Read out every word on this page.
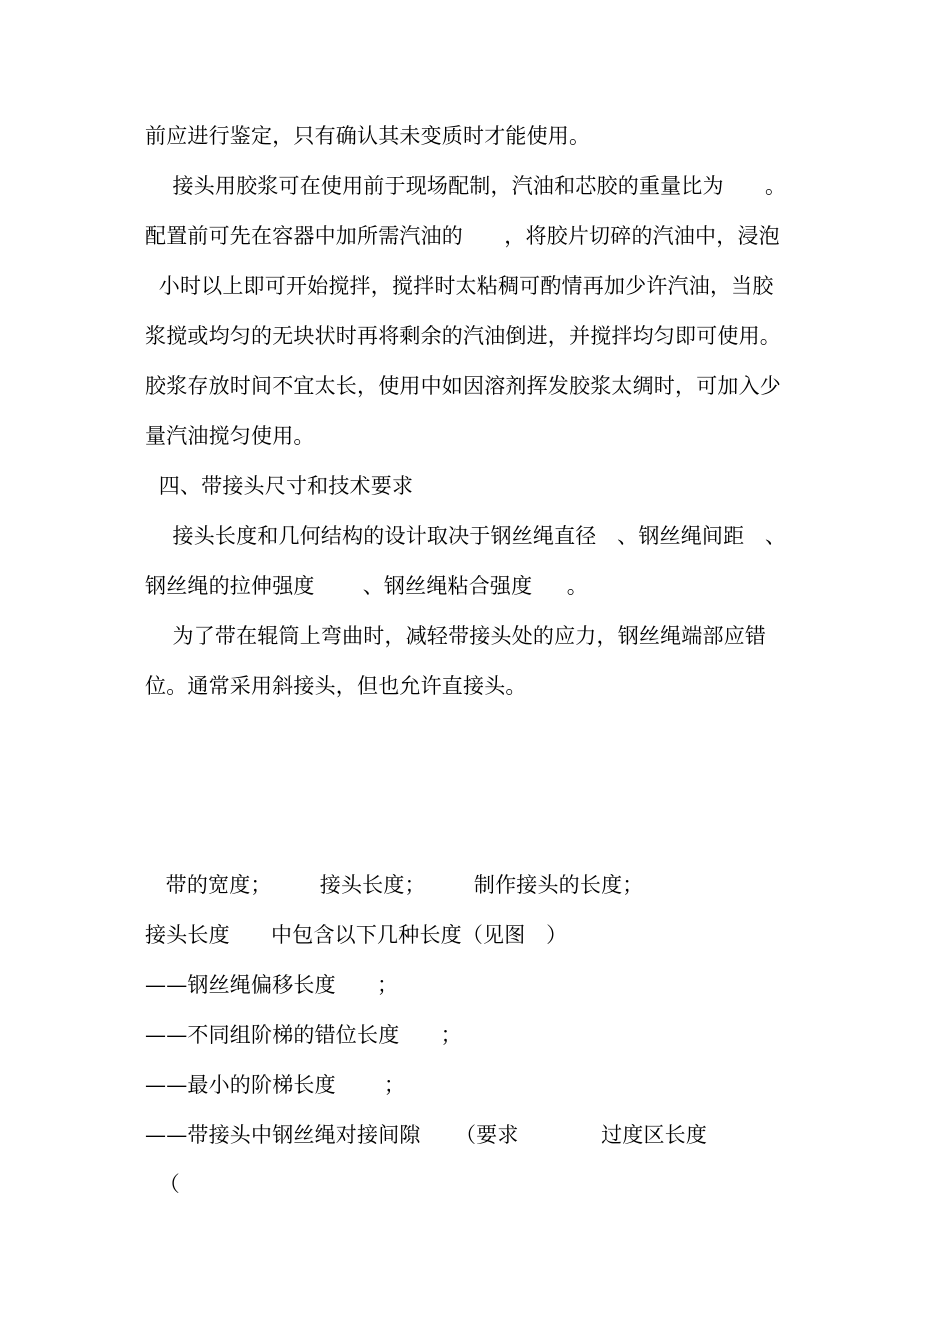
前应进行鉴定，只有确认其未变质时才能使用。
接头用胶浆可在使用前于现场配制，汽油和芯胶的重量比为      。
配置前可先在容器中加所需汽油的      ，将胶片切碎的汽油中，浸泡
小时以上即可开始搅拌，搅拌时太粘稠可酌情再加少许汽油，当胶
浆搅或均匀的无块状时再将剩余的汽油倒进，并搅拌均匀即可使用。
胶浆存放时间不宜太长，使用中如因溶剂挥发胶浆太绸时，可加入少
量汽油搅匀使用。
四、带接头尺寸和技术要求
接头长度和几何结构的设计取决于钢丝绳直径   、钢丝绳间距   、
钢丝绳的拉伸强度       、钢丝绳粘合强度     。
为了带在辊筒上弯曲时，减轻带接头处的应力，钢丝绳端部应错
位。通常采用斜接头，但也允许直接头。
带的宽度；       接头长度；       制作接头的长度；
接头长度      中包含以下几种长度（见图   ）
——钢丝绳偏移长度      ；
——不同组阶梯的错位长度      ；
——最小的阶梯长度       ；
——带接头中钢丝绳对接间隙     （要求            过度区长度
（
